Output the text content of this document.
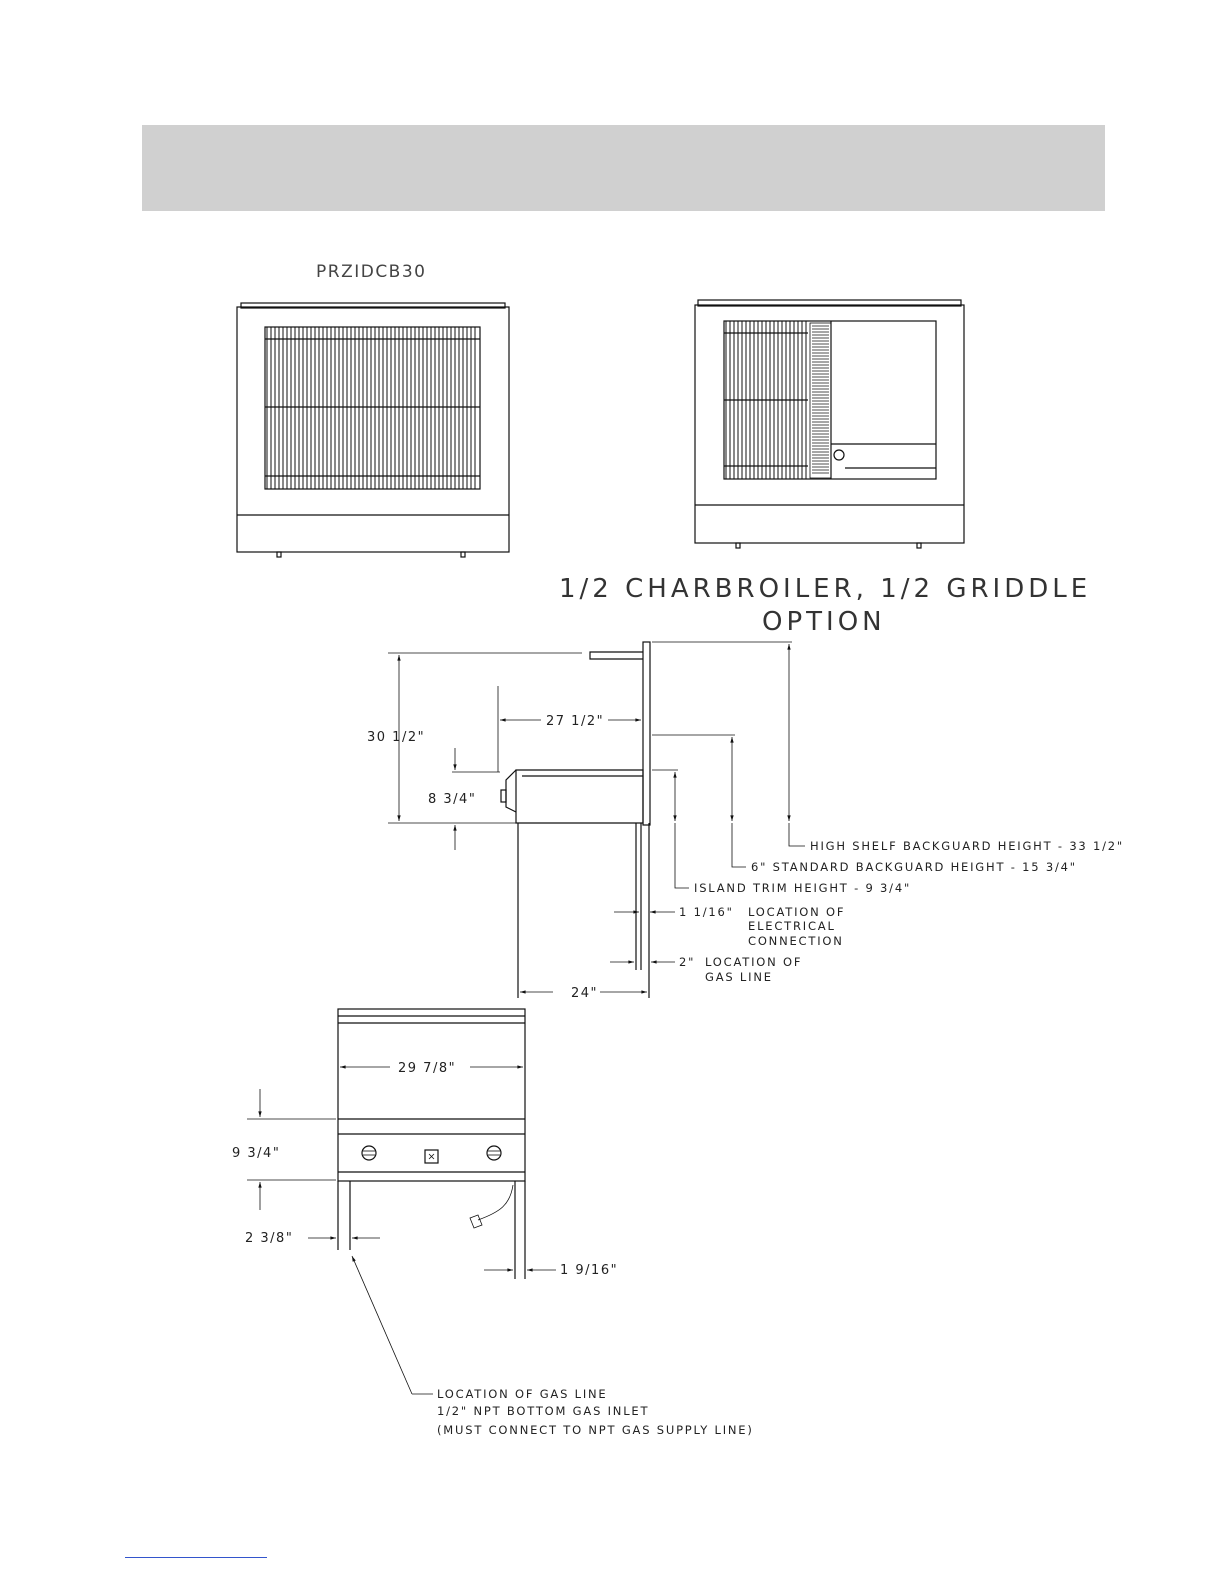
PRZIDCB30
1/2 CHARBROILER, 1/2 GRIDDLE
OPTION
30 1/2"
27 1/2"
8 3/4"
24"
HIGH SHELF BACKGUARD HEIGHT - 33 1/2"
6" STANDARD BACKGUARD HEIGHT - 15 3/4"
ISLAND TRIM HEIGHT - 9 3/4"
1 1/16" LOCATION OF
ELECTRICAL
CONNECTION
2" LOCATION OF
GAS LINE
29 7/8"
9 3/4"
2 3/8"
1 9/16"
LOCATION OF GAS LINE
1/2" NPT BOTTOM GAS INLET
(MUST CONNECT TO NPT GAS SUPPLY LINE)
